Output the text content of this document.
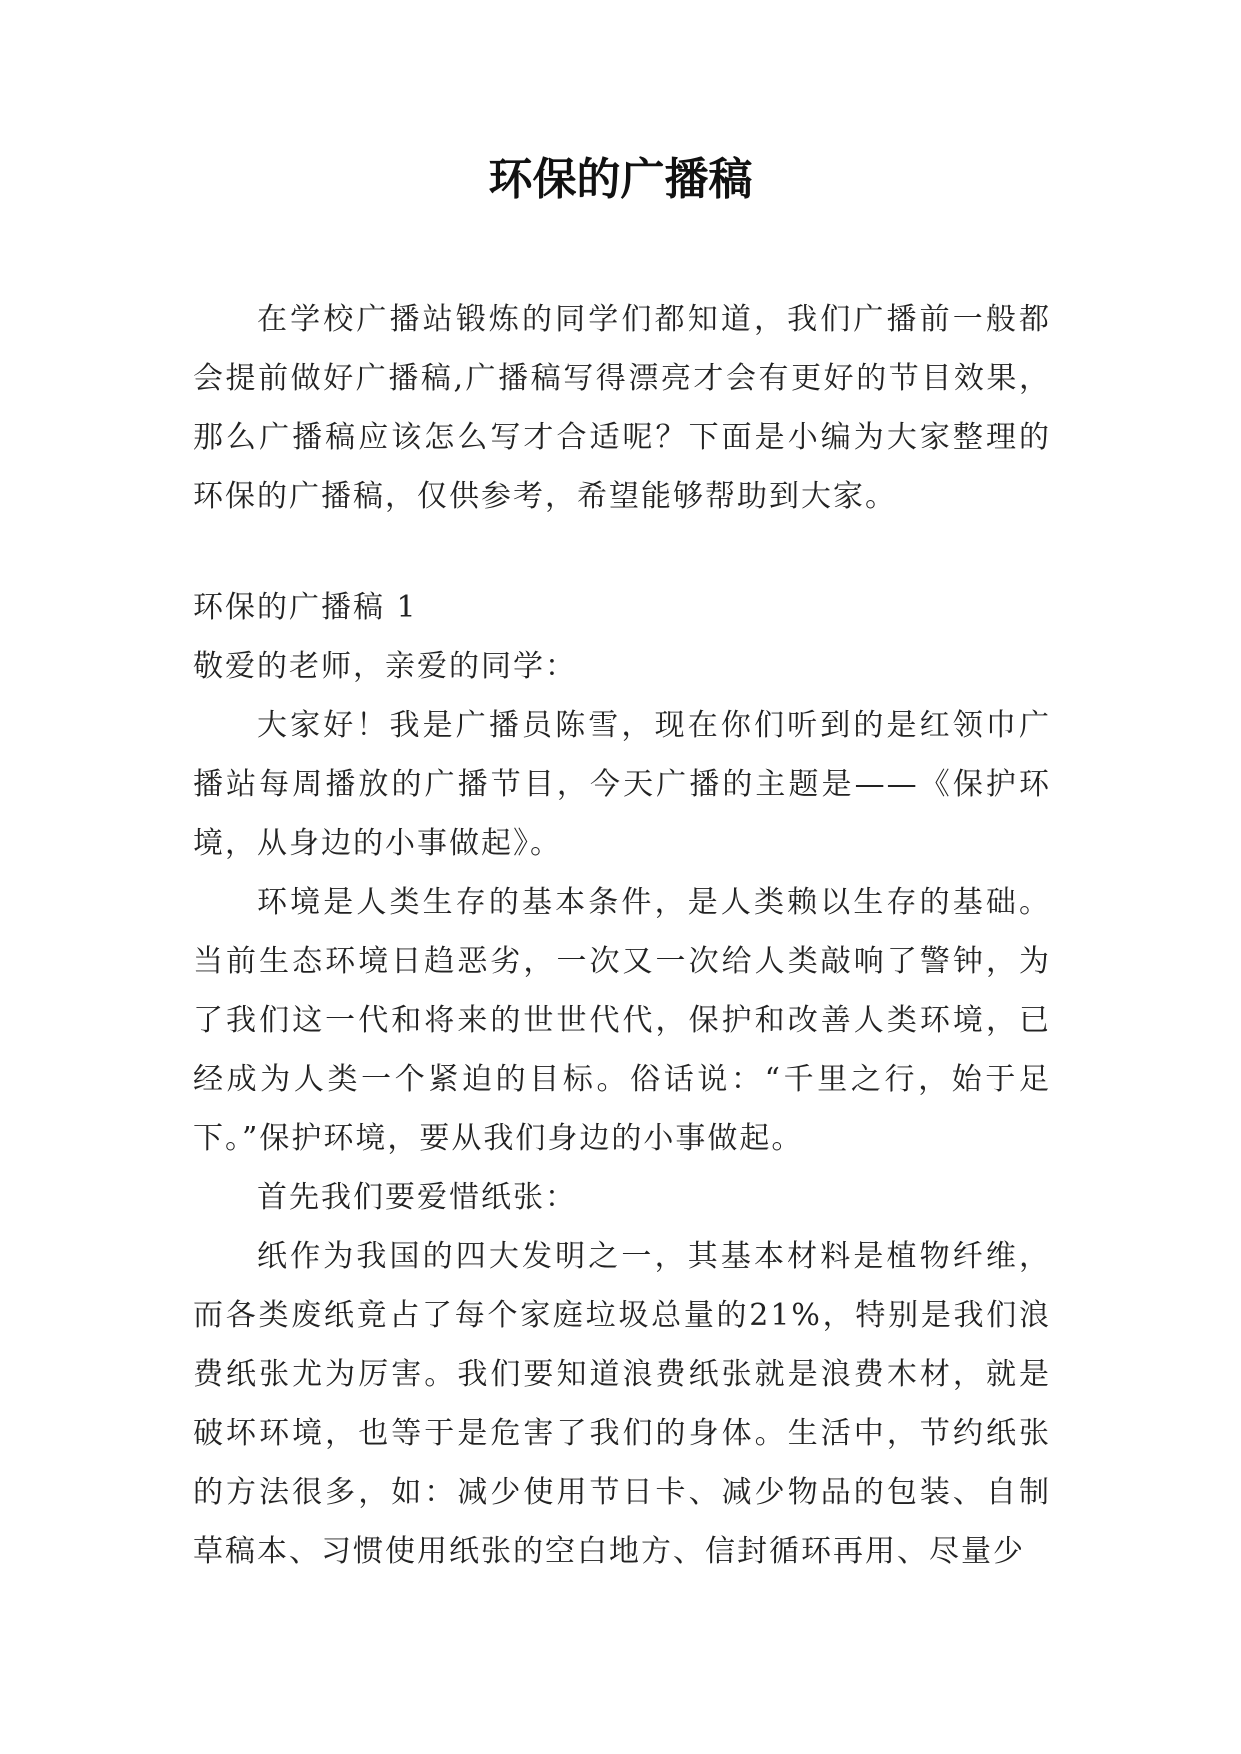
环保的广播稿

在学校广播站锻炼的同学们都知道，我们广播前一般都会提前做好广播稿,广播稿写得漂亮才会有更好的节目效果，那么广播稿应该怎么写才合适呢？下面是小编为大家整理的环保的广播稿，仅供参考，希望能够帮助到大家。

环保的广播稿 1

敬爱的老师，亲爱的同学：

大家好！我是广播员陈雪，现在你们听到的是红领巾广播站每周播放的广播节目，今天广播的主题是——《保护环境，从身边的小事做起》。

环境是人类生存的基本条件，是人类赖以生存的基础。当前生态环境日趋恶劣，一次又一次给人类敲响了警钟，为了我们这一代和将来的世世代代，保护和改善人类环境，已经成为人类一个紧迫的目标。俗话说：“千里之行，始于足下。”保护环境，要从我们身边的小事做起。

首先我们要爱惜纸张：

纸作为我国的四大发明之一，其基本材料是植物纤维，而各类废纸竟占了每个家庭垃圾总量的21%，特别是我们浪费纸张尤为厉害。我们要知道浪费纸张就是浪费木材，就是破坏环境，也等于是危害了我们的身体。生活中，节约纸张的方法很多，如：减少使用节日卡、减少物品的包装、自制草稿本、习惯使用纸张的空白地方、信封循环再用、尽量少
